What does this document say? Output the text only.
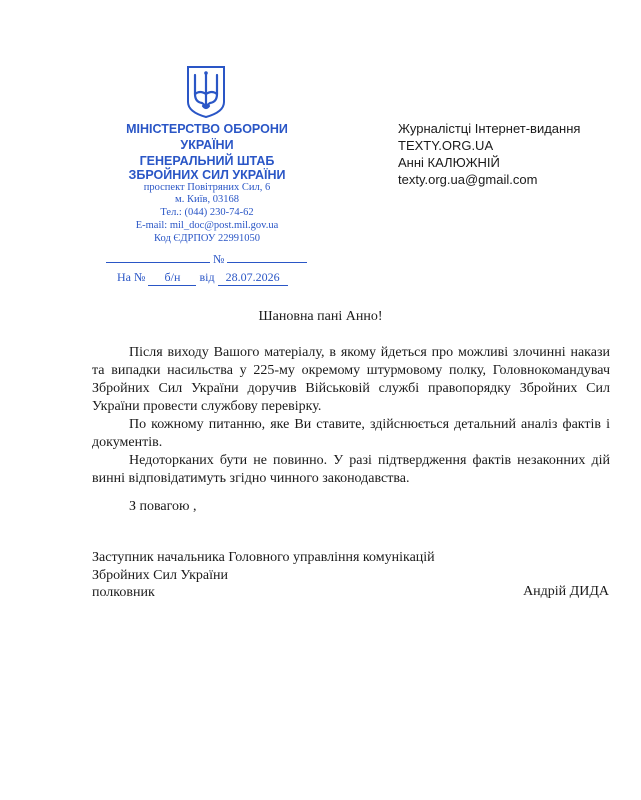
МІНІСТЕРСТВО ОБОРОНИ
УКРАЇНИ
ГЕНЕРАЛЬНИЙ ШТАБ
ЗБРОЙНИХ СИЛ УКРАЇНИ
проспект Повітряних Сил, 6
м. Київ, 03168
Тел.: (044) 230-74-62
E-mail: mil_doc@post.mil.gov.ua
Код ЄДРПОУ 22991050
№
На № б/н від 28.07.2026
Журналістці Інтернет-видання
TEXTY.ORG.UA
Анні КАЛЮЖНІЙ
texty.org.ua@gmail.com
Шановна пані Анно!

Після виходу Вашого матеріалу, в якому йдеться про можливі злочинні накази та випадки насильства у 225-му окремому штурмовому полку, Головнокомандувач Збройних Сил України доручив Військовій службі правопорядку Збройних Сил України провести службову перевірку.

По кожному питанню, яке Ви ставите, здійснюється детальний аналіз фактів і документів.

Недоторканих бути не повинно. У разі підтвердження фактів незаконних дій винні відповідатимуть згідно чинного законодавства.

З повагою ,
Заступник начальника Головного управління комунікацій
Збройних Сил України
полковник	Андрій ДИДА
